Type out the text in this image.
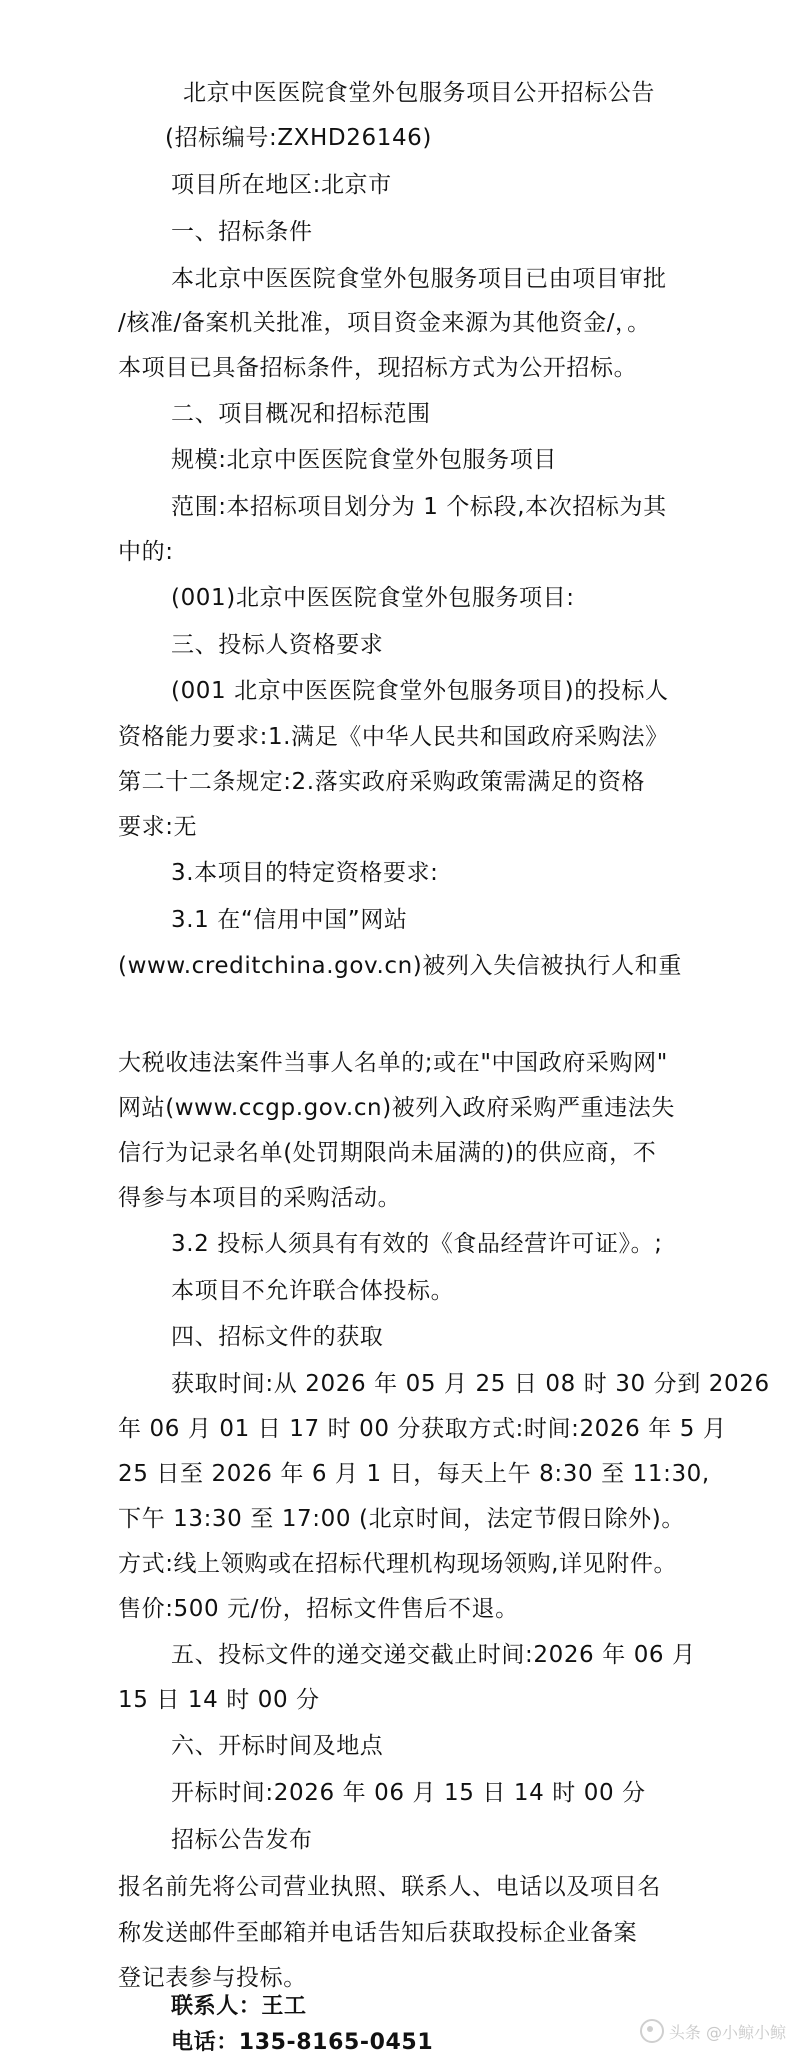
北京中医医院食堂外包服务项目公开招标公告
(招标编号:ZXHD26146)
项目所在地区:北京市
一、招标条件
本北京中医医院食堂外包服务项目已由项目审批
/核准/备案机关批准，项目资金来源为其他资金/，。
本项目已具备招标条件，现招标方式为公开招标。
二、项目概况和招标范围
规模:北京中医医院食堂外包服务项目
范围:本招标项目划分为 1 个标段,本次招标为其
中的:
(001)北京中医医院食堂外包服务项目:
三、投标人资格要求
(001 北京中医医院食堂外包服务项目)的投标人
资格能力要求:1.满足《中华人民共和国政府采购法》
第二十二条规定:2.落实政府采购政策需满足的资格
要求:无
3.本项目的特定资格要求:
3.1 在“信用中国”网站
(www.creditchina.gov.cn)被列入失信被执行人和重
大税收违法案件当事人名单的;或在"中国政府采购网"
网站(www.ccgp.gov.cn)被列入政府采购严重违法失
信行为记录名单(处罚期限尚未届满的)的供应商，不
得参与本项目的采购活动。
3.2 投标人须具有有效的《食品经营许可证》。;
本项目不允许联合体投标。
四、招标文件的获取
获取时间:从 2026 年 05 月 25 日 08 时 30 分到 2026
年 06 月 01 日 17 时 00 分获取方式:时间:2026 年 5 月
25 日至 2026 年 6 月 1 日，每天上午 8:30 至 11:30,
下午 13:30 至 17:00 (北京时间，法定节假日除外)。
方式:线上领购或在招标代理机构现场领购,详见附件。
售价:500 元/份，招标文件售后不退。
五、投标文件的递交递交截止时间:2026 年 06 月
15 日 14 时 00 分
六、开标时间及地点
开标时间:2026 年 06 月 15 日 14 时 00 分
招标公告发布
报名前先将公司营业执照、联系人、电话以及项目名
称发送邮件至邮箱并电话告知后获取投标企业备案
登记表参与投标。
联系人：王工
电话：135-8165-0451	头条 @小鲸小鲸
